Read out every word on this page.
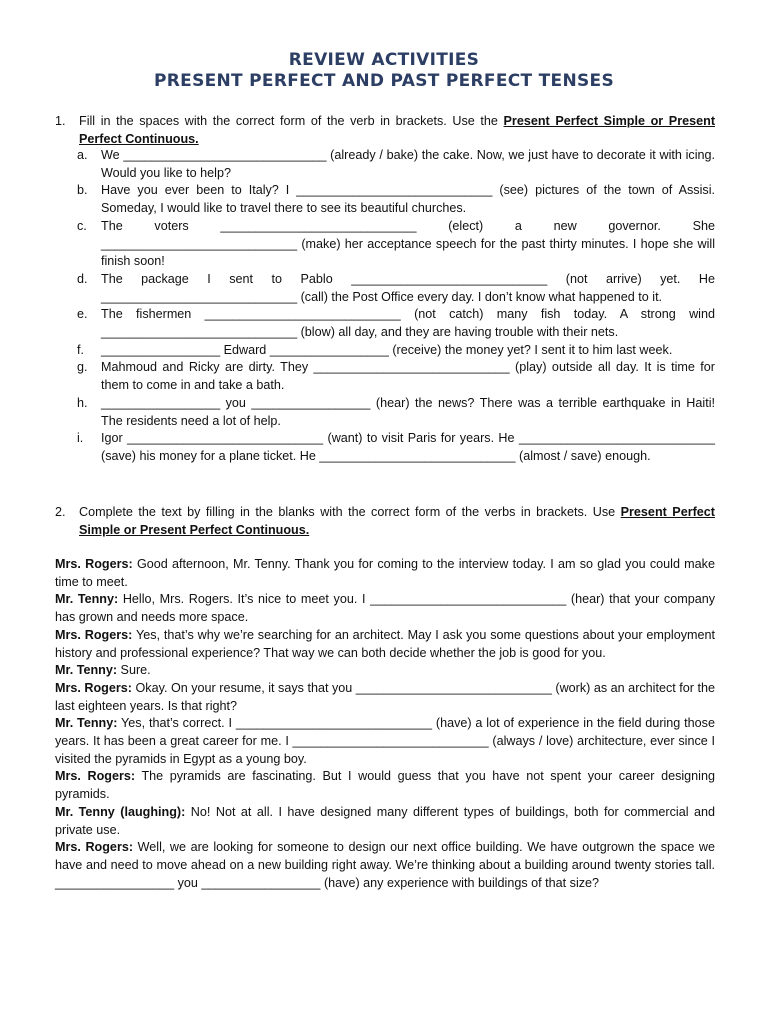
REVIEW ACTIVITIES
PRESENT PERFECT AND PAST PERFECT TENSES
1. Fill in the spaces with the correct form of the verb in brackets. Use the Present Perfect Simple or Present Perfect Continuous.
a. We _____________________________ (already / bake) the cake. Now, we just have to decorate it with icing. Would you like to help?
b. Have you ever been to Italy? I ____________________________ (see) pictures of the town of Assisi. Someday, I would like to travel there to see its beautiful churches.
c. The voters ____________________________ (elect) a new governor. She ____________________________ (make) her acceptance speech for the past thirty minutes. I hope she will finish soon!
d. The package I sent to Pablo ____________________________ (not arrive) yet. He ____________________________ (call) the Post Office every day. I don’t know what happened to it.
e. The fishermen ____________________________ (not catch) many fish today. A strong wind ____________________________ (blow) all day, and they are having trouble with their nets.
f. _________________ Edward _________________ (receive) the money yet? I sent it to him last week.
g. Mahmoud and Ricky are dirty. They ____________________________ (play) outside all day. It is time for them to come in and take a bath.
h. _________________ you _________________ (hear) the news? There was a terrible earthquake in Haiti! The residents need a lot of help.
i. Igor ____________________________ (want) to visit Paris for years. He ____________________________ (save) his money for a plane ticket. He ____________________________ (almost / save) enough.
2. Complete the text by filling in the blanks with the correct form of the verbs in brackets. Use Present Perfect Simple or Present Perfect Continuous.
Mrs. Rogers: Good afternoon, Mr. Tenny. Thank you for coming to the interview today. I am so glad you could make time to meet.
Mr. Tenny: Hello, Mrs. Rogers. It’s nice to meet you. I ____________________________ (hear) that your company has grown and needs more space.
Mrs. Rogers: Yes, that’s why we’re searching for an architect. May I ask you some questions about your employment history and professional experience? That way we can both decide whether the job is good for you.
Mr. Tenny: Sure.
Mrs. Rogers: Okay. On your resume, it says that you ____________________________ (work) as an architect for the last eighteen years. Is that right?
Mr. Tenny: Yes, that’s correct. I ____________________________ (have) a lot of experience in the field during those years. It has been a great career for me. I ____________________________ (always / love) architecture, ever since I visited the pyramids in Egypt as a young boy.
Mrs. Rogers: The pyramids are fascinating. But I would guess that you have not spent your career designing pyramids.
Mr. Tenny (laughing): No! Not at all. I have designed many different types of buildings, both for commercial and private use.
Mrs. Rogers: Well, we are looking for someone to design our next office building. We have outgrown the space we have and need to move ahead on a new building right away. We’re thinking about a building around twenty stories tall. _________________ you _________________ (have) any experience with buildings of that size?
